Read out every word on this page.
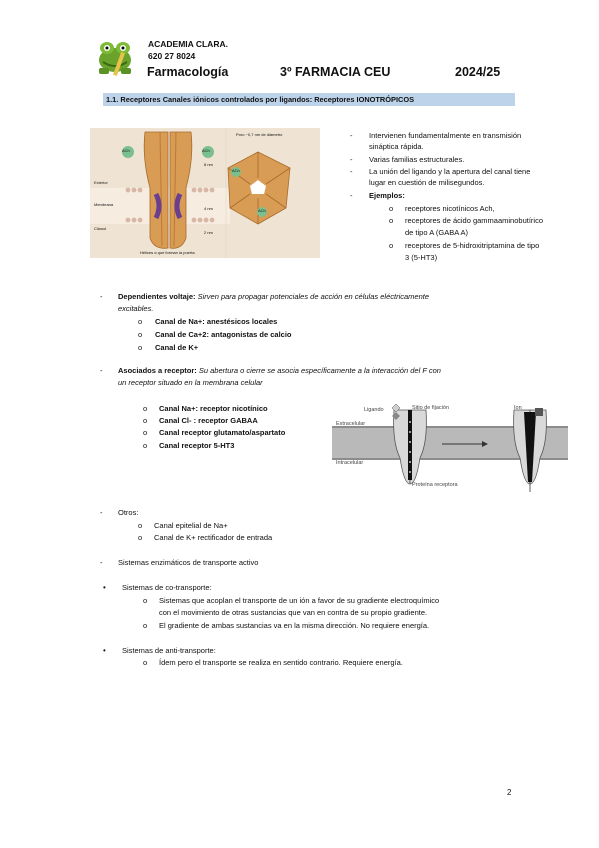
ACADEMIA CLARA.
620 27 8024
Farmacología	3º FARMACIA CEU	2024/25
1.1. Receptores Canales iónicos controlados por ligandos: Receptores IONOTRÓPICOS
ACh	ACh
ACh
ACh
Exterior
Membrana
Citosol
Hélices α que forman la puerta
Poro ~0,7 nm de diámetro
8 nm
4 nm
2 nm
- Intervienen fundamentalmente en transmisión
sináptica rápida.
- Varias familias estructurales.
- La unión del ligando y la apertura del canal tiene
lugar en cuestión de milisegundos.
- Ejemplos:
o receptores nicotínicos Ach,
o receptores de ácido gammaaminobutírico
de tipo A (GABA A)
o receptores de 5-hidroxitriptamina de tipo
3 (5-HT3)
- Dependientes voltaje: Sirven para propagar potenciales de acción en células eléctricamente
excitables.
o Canal de Na+: anestésicos locales
o Canal de Ca+2: antagonistas de calcio
o Canal de K+
- Asociados a receptor: Su abertura o cierre se asocia específicamente a la interacción del F con
un receptor situado en la membrana celular
o Canal Na+: receptor nicotínico
o Canal Cl- : receptor GABAA
o Canal receptor glutamato/aspartato
o Canal receptor 5-HT3
Ligando	Sitio de fijación	Ion
Extracelular
Intracelular
Proteína receptora
- Otros:
o Canal epitelial de Na+
o Canal de K+ rectificador de entrada
- Sistemas enzimáticos de transporte activo
• Sistemas de co-transporte:
o Sistemas que acoplan el transporte de un ión a favor de su gradiente electroquímico
con el movimiento de otras sustancias que van en contra de su propio gradiente.
o El gradiente de ambas sustancias va en la misma dirección. No requiere energía.
• Sistemas de anti-transporte:
o Ídem pero el transporte se realiza en sentido contrario. Requiere energía.
2
